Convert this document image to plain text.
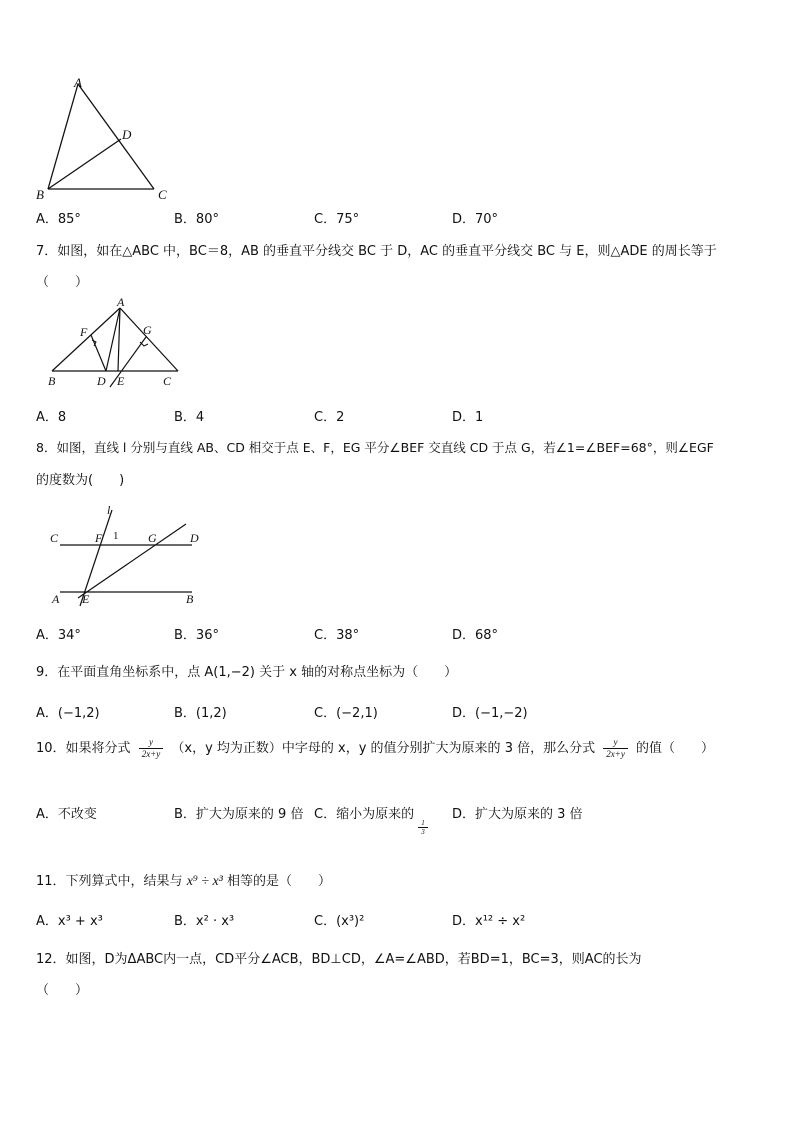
A
D
B	C
A．85°	B．80°	C．75°	D．70°
7．如图，如在△ABC 中，BC＝8，AB 的垂直平分线交 BC 于 D，AC 的垂直平分线交 BC 与 E，则△ADE 的周长等于
（　　）
A
F	G
B	D E	C
A．8	B．4	C．2	D．1
8．如图，直线 l 分别与直线 AB、CD 相交于点 E、F，EG 平分∠BEF 交直线 CD 于点 G，若∠1=∠BEF=68°，则∠EGF
的度数为(　　)
l
C	F 1 G	D
A E	B
A．34°	B．36°	C．38°	D．68°
9．在平面直角坐标系中，点 A(1,−2) 关于 x 轴的对称点坐标为（　　）
A．(−1,2)	B．(1,2)	C．(−2,1)	D．(−1,−2)
10．如果将分式 $\frac{y}{2x+y} (x$，y 均为正数）中字母的 x，y 的值分别扩大为原来的 3 倍，那么分式 $\frac{y}{2x+y}$ 的值（　　）
A．不改变	B．扩大为原来的 9 倍 C．缩小为原来的
$\frac{1}{3}$
D．扩大为原来的 3 倍
11．下列算式中，结果与 x⁹ ÷ x³ 相等的是（　　）
A．x³ + x³	B．x² · x³	C．(x³)²	D．x¹² ÷ x²
12．如图，D为ΔABC内一点，CD平分∠ACB，BD⊥CD，∠A=∠ABD，若BD=1，BC=3，则AC的长为
（　　）
